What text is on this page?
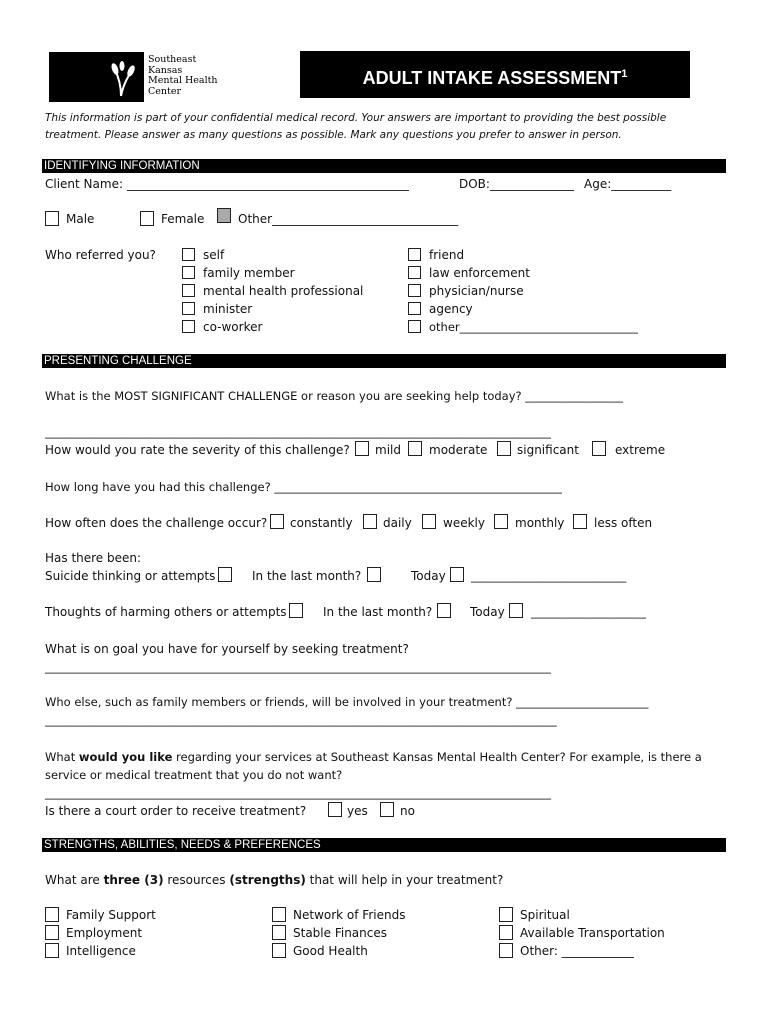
Southeast
Kansas
Mental Health
Center
ADULT INTAKE ASSESSMENT$^1$
This information is part of your confidential medical record. Your answers are important to providing the best possible
treatment. Please answer as many questions as possible. Mark any questions you prefer to answer in person.
IDENTIFYING INFORMATION
Client Name: _______________________________________________	DOB:______________ Age:__________
Male	Female	Other_______________________________
Who referred you?	self
family member
mental health professional
minister
co-worker
friend
law enforcement
physician/nurse
agency
other_______________________________
PRESENTING CHALLENGE
What is the MOST SIGNIFICANT CHALLENGE or reason you are seeking help today? _________________
________________________________________________________________________________________
How would you rate the severity of this challenge? mild moderate significant	extreme
How long have you had this challenge? __________________________________________________
How often does the challenge occur? constantly	daily	weekly	monthly less often
Has there been:
Suicide thinking or attempts	In the last month?	Today ___________________________
Thoughts of harming others or attempts	In the last month?	Today ____________________
What is on goal you have for yourself by seeking treatment?
________________________________________________________________________________________
Who else, such as family members or friends, will be involved in your treatment? _______________________
_________________________________________________________________________________________
What would you like regarding your services at Southeast Kansas Mental Health Center? For example, is there a
service or medical treatment that you do not want?
________________________________________________________________________________________
Is there a court order to receive treatment?	yes	no
STRENGTHS, ABILITIES, NEEDS & PREFERENCES
What are three (3) resources (strengths) that will help in your treatment?
Family Support
Employment
Intelligence
Network of Friends
Stable Finances
Good Health
Spiritual
Available Transportation
Other: ____________
